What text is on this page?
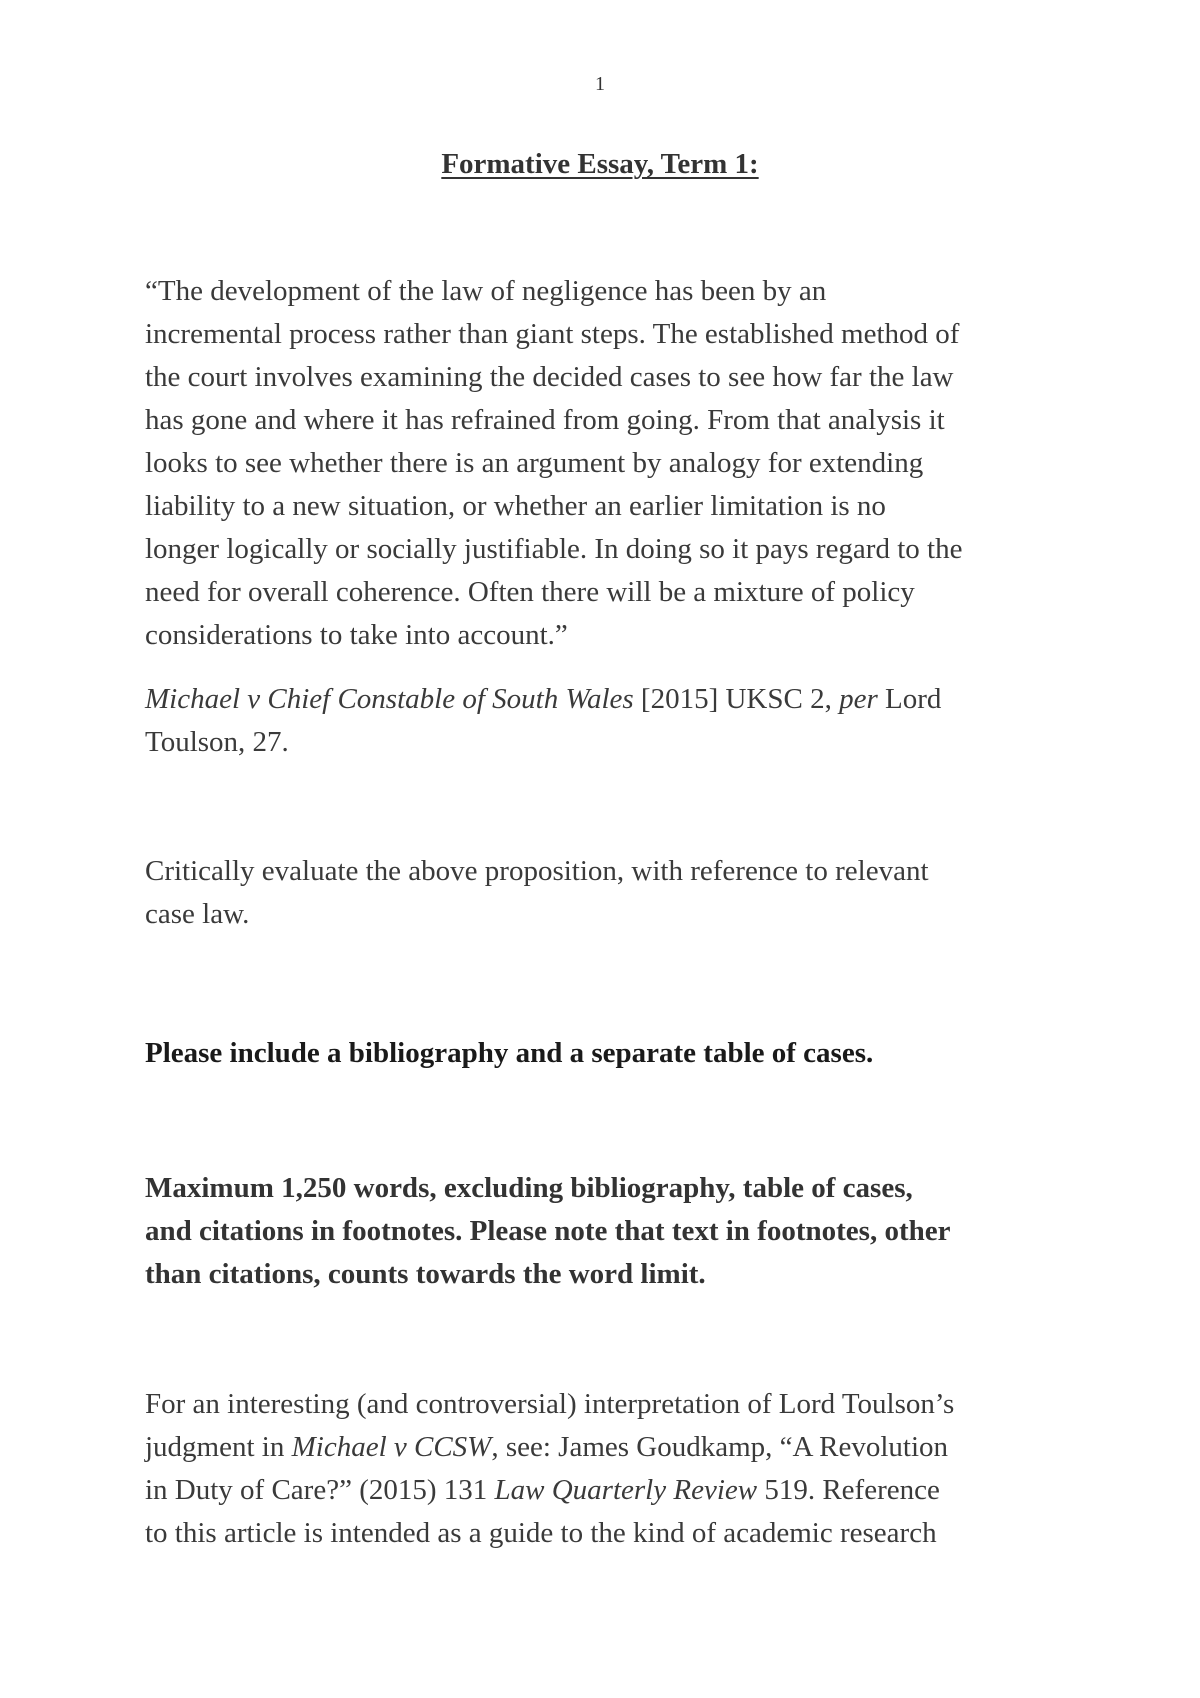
1
Formative Essay, Term 1:
“The development of the law of negligence has been by an
incremental process rather than giant steps. The established method of
the court involves examining the decided cases to see how far the law
has gone and where it has refrained from going. From that analysis it
looks to see whether there is an argument by analogy for extending
liability to a new situation, or whether an earlier limitation is no
longer logically or socially justifiable. In doing so it pays regard to the
need for overall coherence. Often there will be a mixture of policy
considerations to take into account.”
Michael v Chief Constable of South Wales [2015] UKSC 2, per Lord
Toulson, 27.
Critically evaluate the above proposition, with reference to relevant
case law.
Please include a bibliography and a separate table of cases.
Maximum 1,250 words, excluding bibliography, table of cases,
and citations in footnotes. Please note that text in footnotes, other
than citations, counts towards the word limit.
For an interesting (and controversial) interpretation of Lord Toulson’s
judgment in Michael v CCSW, see: James Goudkamp, “A Revolution
in Duty of Care?” (2015) 131 Law Quarterly Review 519. Reference
to this article is intended as a guide to the kind of academic research
